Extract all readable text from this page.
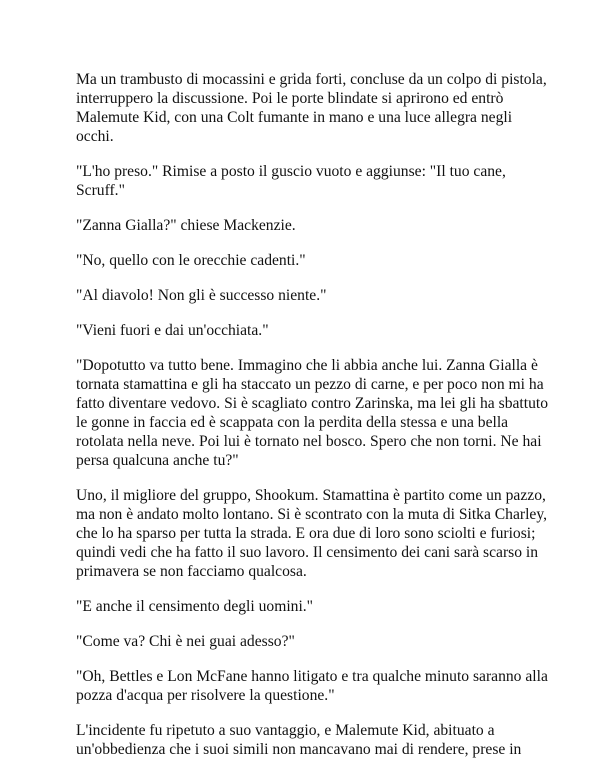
Ma un trambusto di mocassini e grida forti, concluse da un colpo di pistola, interruppero la discussione. Poi le porte blindate si aprirono ed entrò Malemute Kid, con una Colt fumante in mano e una luce allegra negli occhi.

"L'ho preso." Rimise a posto il guscio vuoto e aggiunse: "Il tuo cane, Scruff."

"Zanna Gialla?" chiese Mackenzie.

"No, quello con le orecchie cadenti."

"Al diavolo! Non gli è successo niente."

"Vieni fuori e dai un'occhiata."

"Dopotutto va tutto bene. Immagino che li abbia anche lui. Zanna Gialla è tornata stamattina e gli ha staccato un pezzo di carne, e per poco non mi ha fatto diventare vedovo. Si è scagliato contro Zarinska, ma lei gli ha sbattuto le gonne in faccia ed è scappata con la perdita della stessa e una bella rotolata nella neve. Poi lui è tornato nel bosco. Spero che non torni. Ne hai persa qualcuna anche tu?"

Uno, il migliore del gruppo, Shookum. Stamattina è partito come un pazzo, ma non è andato molto lontano. Si è scontrato con la muta di Sitka Charley, che lo ha sparso per tutta la strada. E ora due di loro sono sciolti e furiosi; quindi vedi che ha fatto il suo lavoro. Il censimento dei cani sarà scarso in primavera se non facciamo qualcosa.

"E anche il censimento degli uomini."

"Come va? Chi è nei guai adesso?"

"Oh, Bettles e Lon McFane hanno litigato e tra qualche minuto saranno alla pozza d'acqua per risolvere la questione."

L'incidente fu ripetuto a suo vantaggio, e Malemute Kid, abituato a un'obbedienza che i suoi simili non mancavano mai di rendere, prese in
